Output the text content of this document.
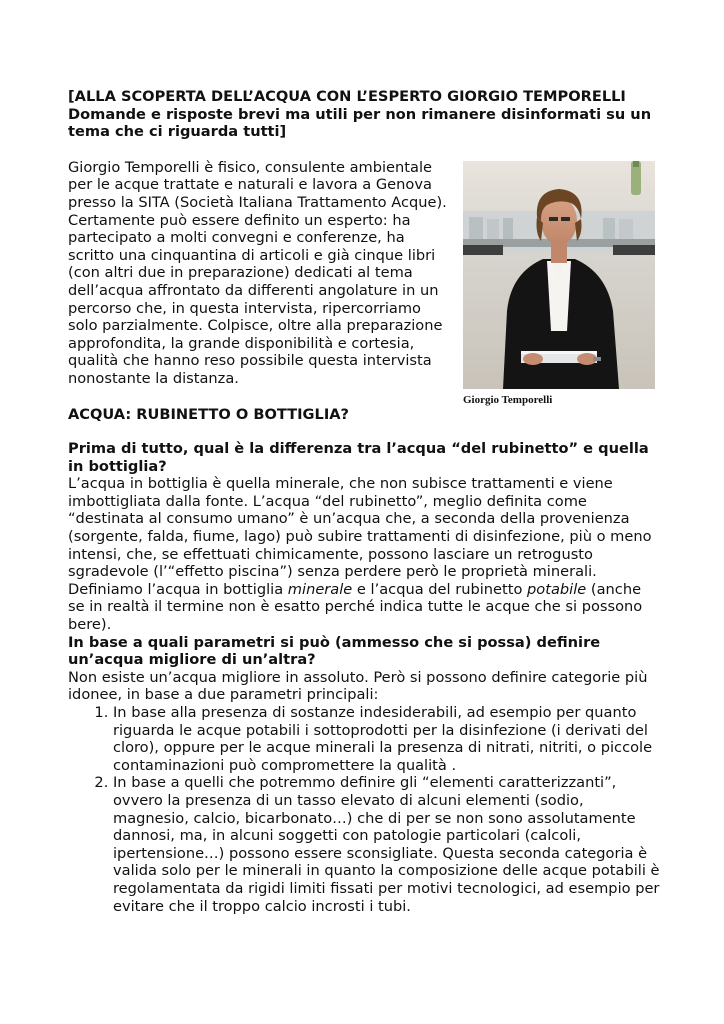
[ALLA SCOPERTA DELL’ACQUA CON L’ESPERTO GIORGIO TEMPORELLI
Domande e risposte brevi ma utili per non rimanere disinformati su un tema che ci riguarda tutti]

Giorgio Temporelli è fisico, consulente ambientale per le acque trattate e naturali e lavora a Genova presso la SITA (Società Italiana Trattamento Acque). Certamente può essere definito un esperto: ha partecipato a molti convegni e conferenze, ha scritto una cinquantina di articoli e già cinque libri (con altri due in preparazione) dedicati al tema dell’acqua affrontato da differenti angolature in un percorso che, in questa intervista, ripercorriamo solo parzialmente. Colpisce, oltre alla preparazione approfondita, la grande disponibilità e cortesia, qualità che hanno reso possibile questa intervista nonostante la distanza.

Giorgio Temporelli

ACQUA: RUBINETTO O BOTTIGLIA?

Prima di tutto, qual è la differenza tra l’acqua “del rubinetto” e quella in bottiglia?

L’acqua in bottiglia è quella minerale, che non subisce trattamenti e viene imbottigliata dalla fonte. L’acqua “del rubinetto”, meglio definita come “destinata al consumo umano” è un’acqua che, a seconda della provenienza (sorgente, falda, fiume, lago) può subire trattamenti di disinfezione, più o meno intensi, che, se effettuati chimicamente, possono lasciare un retrogusto sgradevole (l’“effetto piscina”) senza perdere però le proprietà minerali. Definiamo l’acqua in bottiglia minerale e l’acqua del rubinetto potabile (anche se in realtà il termine non è esatto perché indica tutte le acque che si possono bere).

In base a quali parametri si può (ammesso che si possa) definire un’acqua migliore di un’altra?

Non esiste un’acqua migliore in assoluto. Però si possono definire categorie più idonee, in base a due parametri principali:

1. In base alla presenza di sostanze indesiderabili, ad esempio per quanto riguarda le acque potabili i sottoprodotti per la disinfezione (i derivati del cloro), oppure per le acque minerali la presenza di nitrati, nitriti, o piccole contaminazioni può compromettere la qualità .
2. In base a quelli che potremmo definire gli “elementi caratterizzanti”, ovvero la presenza di un tasso elevato di alcuni elementi (sodio, magnesio, calcio, bicarbonato…) che di per se non sono assolutamente dannosi, ma, in alcuni soggetti con patologie particolari (calcoli, ipertensione…) possono essere sconsigliate. Questa seconda categoria è valida solo per le minerali in quanto la composizione delle acque potabili è regolamentata da rigidi limiti fissati per motivi tecnologici, ad esempio per evitare che il troppo calcio incrosti i tubi.
